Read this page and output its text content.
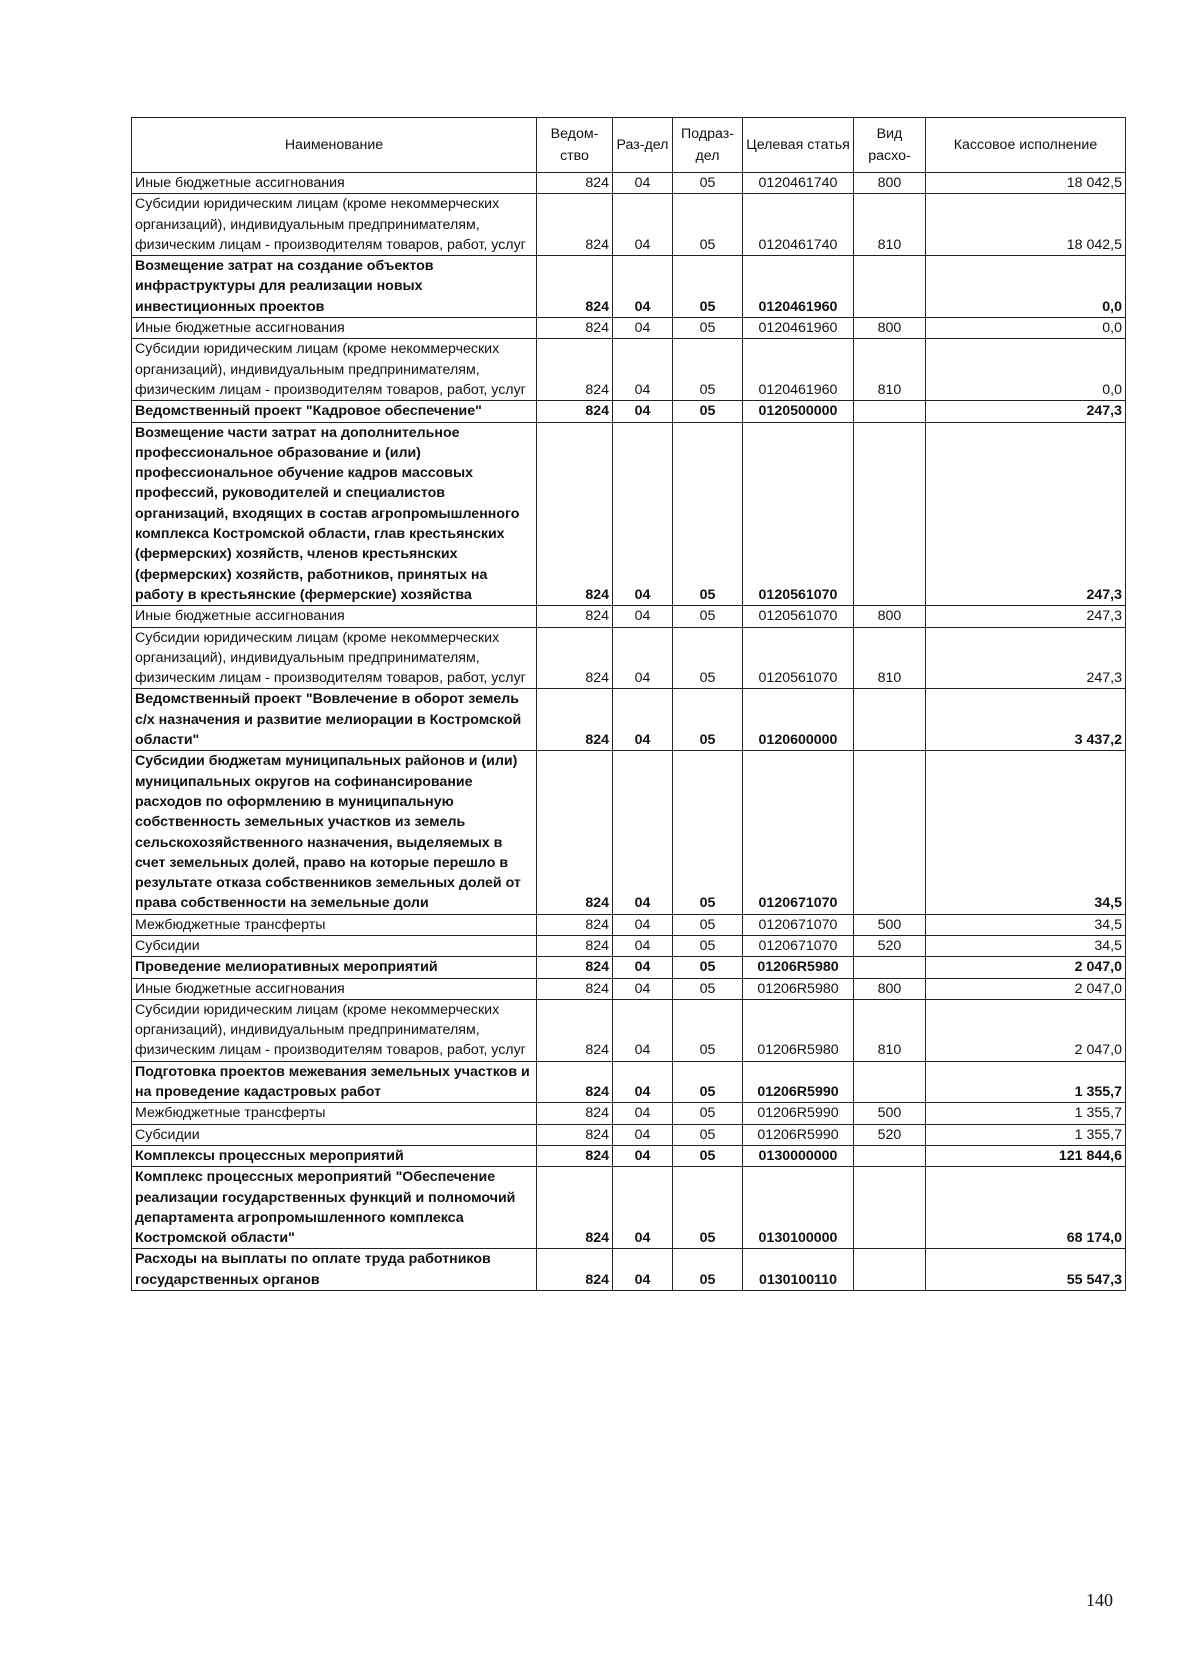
Наименование	Ведом-ство	Раз-дел	Подраз-дел	Целевая статья	Вид расхо-	Кассовое исполнение
Иные бюджетные ассигнования	824	04	05	0120461740	800	18 042,5
Субсидии юридическим лицам (кроме некоммерческих организаций), индивидуальным предпринимателям, физическим лицам - производителям товаров, работ, услуг	824	04	05	0120461740	810	18 042,5
Возмещение затрат на создание объектов инфраструктуры для реализации новых инвестиционных проектов	824	04	05	0120461960		0,0
Иные бюджетные ассигнования	824	04	05	0120461960	800	0,0
Субсидии юридическим лицам (кроме некоммерческих организаций), индивидуальным предпринимателям, физическим лицам - производителям товаров, работ, услуг	824	04	05	0120461960	810	0,0
Ведомственный проект "Кадровое обеспечение"	824	04	05	0120500000		247,3
Возмещение части затрат на дополнительное профессиональное образование и (или) профессиональное обучение кадров массовых профессий, руководителей и специалистов организаций, входящих в состав агропромышленного комплекса Костромской области, глав крестьянских (фермерских) хозяйств, членов крестьянских (фермерских) хозяйств, работников, принятых на работу в крестьянские (фермерские) хозяйства	824	04	05	0120561070		247,3
Иные бюджетные ассигнования	824	04	05	0120561070	800	247,3
Субсидии юридическим лицам (кроме некоммерческих организаций), индивидуальным предпринимателям, физическим лицам - производителям товаров, работ, услуг	824	04	05	0120561070	810	247,3
Ведомственный проект "Вовлечение в оборот земель с/х назначения и развитие мелиорации в Костромской области"	824	04	05	0120600000		3 437,2
Субсидии бюджетам муниципальных районов и (или) муниципальных округов на софинансирование расходов по оформлению в муниципальную собственность земельных участков из земель сельскохозяйственного назначения, выделяемых в счет земельных долей, право на которые перешло в результате отказа собственников земельных долей от права собственности на земельные доли	824	04	05	0120671070		34,5
Межбюджетные трансферты	824	04	05	0120671070	500	34,5
Субсидии	824	04	05	0120671070	520	34,5
Проведение мелиоративных мероприятий	824	04	05	01206R5980		2 047,0
Иные бюджетные ассигнования	824	04	05	01206R5980	800	2 047,0
Субсидии юридическим лицам (кроме некоммерческих организаций), индивидуальным предпринимателям, физическим лицам - производителям товаров, работ, услуг	824	04	05	01206R5980	810	2 047,0
Подготовка проектов межевания земельных участков и на проведение кадастровых работ	824	04	05	01206R5990		1 355,7
Межбюджетные трансферты	824	04	05	01206R5990	500	1 355,7
Субсидии	824	04	05	01206R5990	520	1 355,7
Комплексы процессных мероприятий	824	04	05	0130000000		121 844,6
Комплекс процессных мероприятий "Обеспечение реализации государственных функций и полномочий департамента агропромышленного комплекса Костромской области"	824	04	05	0130100000		68 174,0
Расходы на выплаты по оплате труда работников государственных органов	824	04	05	0130100110		55 547,3
140
